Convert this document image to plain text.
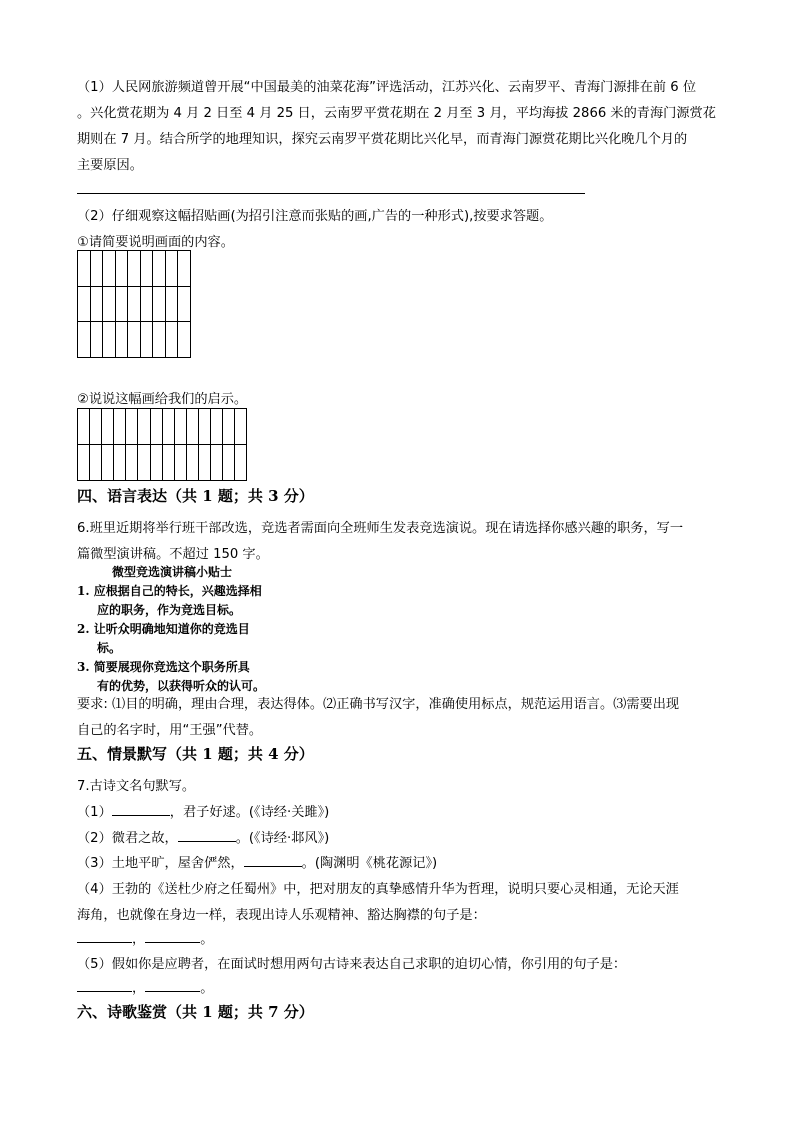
（1）人民网旅游频道曾开展“中国最美的油菜花海”评选活动，江苏兴化、云南罗平、青海门源排在前 6 位
。兴化赏花期为 4 月 2 日至 4 月 25 日，云南罗平赏花期在 2 月至 3 月，平均海拔 2866 米的青海门源赏花
期则在 7 月。结合所学的地理知识，探究云南罗平赏花期比兴化早，而青海门源赏花期比兴化晚几个月的
主要原因。
（2）仔细观察这幅招贴画(为招引注意而张贴的画,广告的一种形式),按要求答题。
①请简要说明画面的内容。
②说说这幅画给我们的启示。
四、语言表达（共 1 题；共 3 分）
6.班里近期将举行班干部改选，竞选者需面向全班师生发表竞选演说。现在请选择你感兴趣的职务，写一
篇微型演讲稿。不超过 150 字。
微型竞选演讲稿小贴士
1. 应根据自己的特长，兴趣选择相
应的职务，作为竞选目标。
2. 让听众明确地知道你的竞选目
标。
3. 简要展现你竞选这个职务所具
有的优势，以获得听众的认可。
要求: ⑴目的明确，理由合理，表达得体。⑵正确书写汉字，准确使用标点，规范运用语言。⑶需要出现
自己的名字时，用“王强”代替。
五、情景默写（共 1 题；共 4 分）
7.古诗文名句默写。
（1）	，君子好逑。(《诗经·关雎》)
（2）微君之故，	。(《诗经·邶风》)
（3）土地平旷，屋舍俨然，	。(陶渊明《桃花源记》)
（4）王勃的《送杜少府之任蜀州》中，把对朋友的真挚感情升华为哲理，说明只要心灵相通，无论天涯
海角，也就像在身边一样，表现出诗人乐观精神、豁达胸襟的句子是：
，	。
（5）假如你是应聘者，在面试时想用两句古诗来表达自己求职的迫切心情，你引用的句子是：
，	。
六、诗歌鉴赏（共 1 题；共 7 分）
